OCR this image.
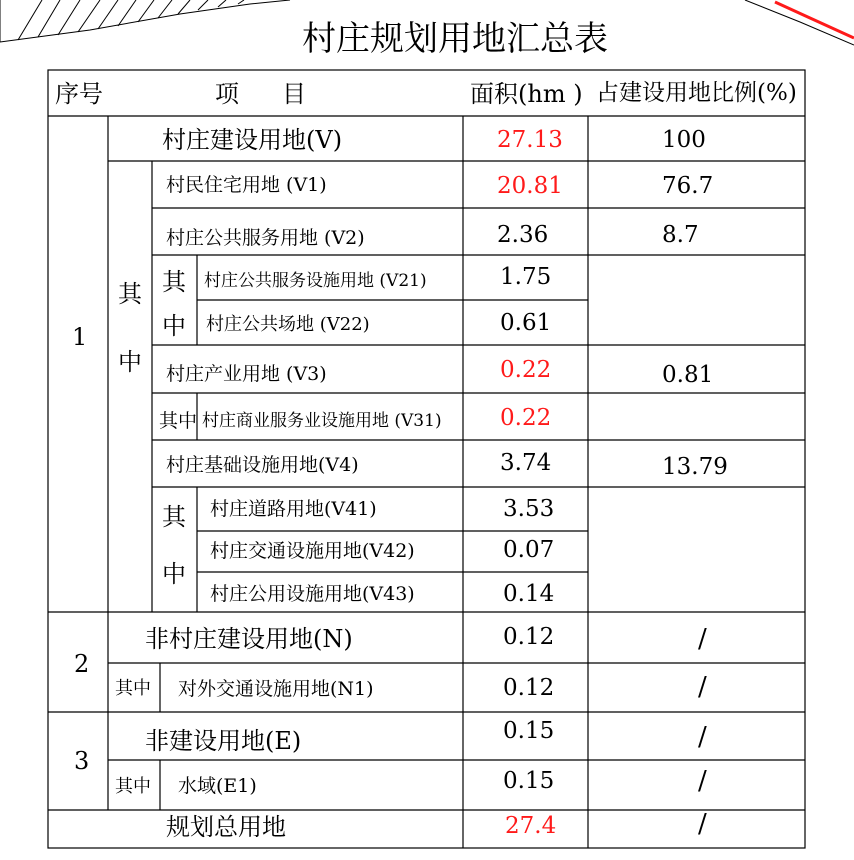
村庄规划用地汇总表
序号	项 目	面积(hm ) 占建设用地比例(%)
1
村庄建设用地(V)	27.13	100
其
中
村民住宅用地 (V1)	20.81	76.7
村庄公共服务用地 (V2)	2.36	8.7
其
中
村庄公共服务设施用地 (V21)	1.75
村庄公共场地 (V22)	0.61
村庄产业用地 (V3)	0.22	0.81
其中 村庄商业服务业设施用地 (V31)	0.22
村庄基础设施用地(V4)	3.74	13.79
其
中
村庄道路用地(V41)	3.53
村庄交通设施用地(V42)	0.07
村庄公用设施用地(V43)	0.14
2
非村庄建设用地(N)	0.12	/
其中 对外交通设施用地(N1)	0.12	/
3
非建设用地(E)	0.15	/
其中 水域(E1)	0.15	/
规划总用地	27.4	/
